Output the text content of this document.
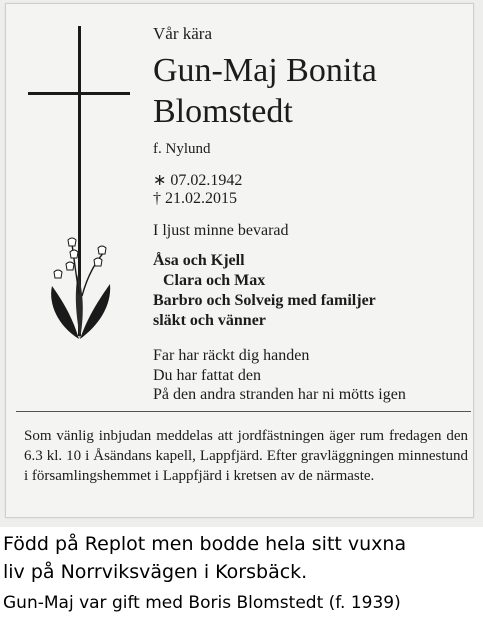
Vår kära
Gun-Maj Bonita
Blomstedt
f. Nylund
∗ 07.02.1942
† 21.02.2015
I ljust minne bevarad
Åsa och Kjell
Clara och Max
Barbro och Solveig med familjer
släkt och vänner
Far har räckt dig handen
Du har fattat den
På den andra stranden har ni mötts igen
Som vänlig inbjudan meddelas att jordfästningen äger rum fredagen den 6.3 kl. 10 i Åsändans kapell, Lappfjärd. Efter gravläggningen minnestund i församlingshemmet i Lappfjärd i kretsen av de närmaste.
Född på Replot men bodde hela sitt vuxna
liv på Norrviksvägen i Korsbäck.
Gun-Maj var gift med Boris Blomstedt (f. 1939)
